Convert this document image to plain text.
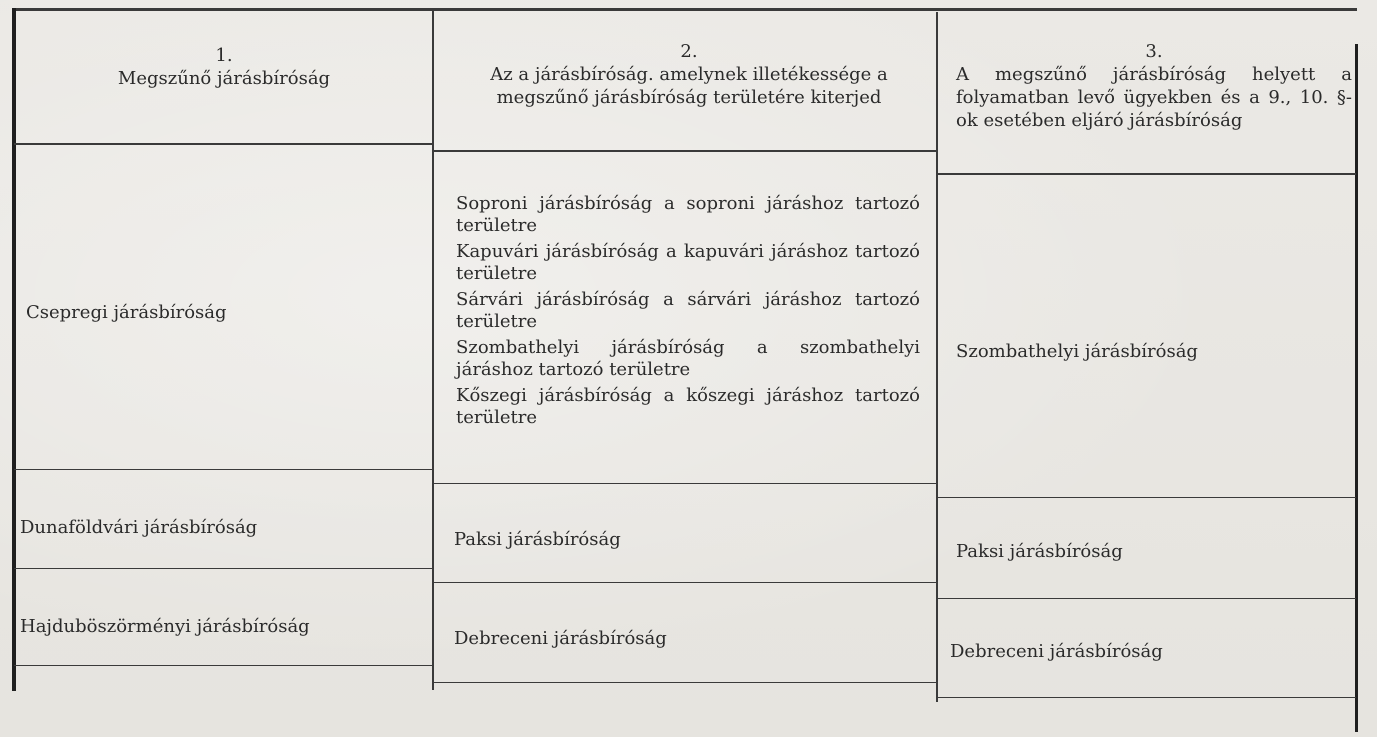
1.
Megszűnő járásbíróság
2.
Az a járásbíróság. amelynek illetékessége a megszűnő járásbíróság területére kiterjed
3.
A megszűnő járásbíróság helyett a folyamatban levő ügyekben és a 9., 10. §-ok esetében eljáró járásbíróság
Csepregi járásbíróság
Soproni járásbíróság a soproni járáshoz tartozó területre
Kapuvári járásbíróság a kapuvári járáshoz tartozó területre
Sárvári járásbíróság a sárvári járáshoz tartozó területre
Szombathelyi járásbíróság a szombathelyi járáshoz tartozó területre
Kőszegi járásbíróság a kőszegi járáshoz tartozó területre
Szombathelyi járásbíróság
Dunaföldvári járásbíróság
Paksi járásbíróság
Paksi járásbíróság
Hajduböszörményi járásbíróság
Debreceni járásbíróság
Debreceni járásbíróság
